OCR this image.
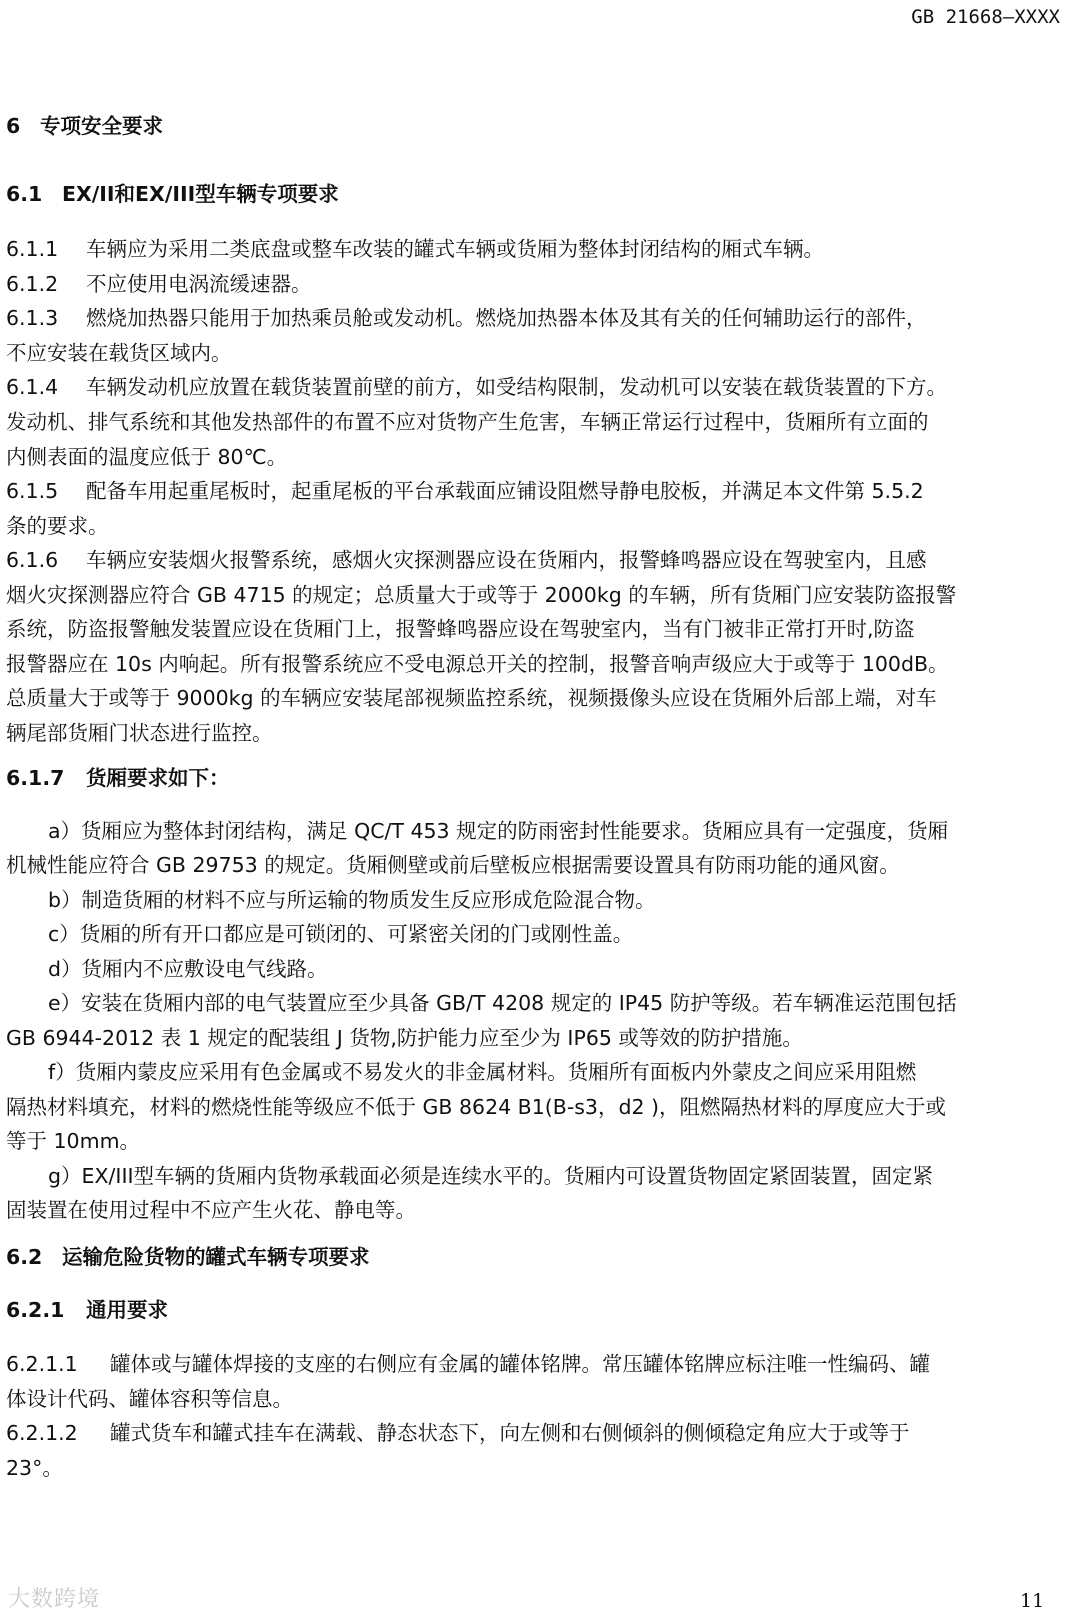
GB 21668—XXXX
6 专项安全要求
6.1 EX/II和EX/III型车辆专项要求
6.1.1 车辆应为采用二类底盘或整车改装的罐式车辆或货厢为整体封闭结构的厢式车辆。
6.1.2 不应使用电涡流缓速器。
6.1.3 燃烧加热器只能用于加热乘员舱或发动机。燃烧加热器本体及其有关的任何辅助运行的部件，
不应安装在载货区域内。
6.1.4 车辆发动机应放置在载货装置前壁的前方，如受结构限制，发动机可以安装在载货装置的下方。
发动机、排气系统和其他发热部件的布置不应对货物产生危害，车辆正常运行过程中，货厢所有立面的
内侧表面的温度应低于 80℃。
6.1.5 配备车用起重尾板时，起重尾板的平台承载面应铺设阻燃导静电胶板，并满足本文件第 5.5.2
条的要求。
6.1.6 车辆应安装烟火报警系统，感烟火灾探测器应设在货厢内，报警蜂鸣器应设在驾驶室内，且感
烟火灾探测器应符合 GB 4715 的规定；总质量大于或等于 2000kg 的车辆，所有货厢门应安装防盗报警
系统，防盗报警触发装置应设在货厢门上，报警蜂鸣器应设在驾驶室内，当有门被非正常打开时,防盗
报警器应在 10s 内响起。所有报警系统应不受电源总开关的控制，报警音响声级应大于或等于 100dB。
总质量大于或等于 9000kg 的车辆应安装尾部视频监控系统，视频摄像头应设在货厢外后部上端，对车
辆尾部货厢门状态进行监控。
6.1.7 货厢要求如下：
a）货厢应为整体封闭结构，满足 QC/T 453 规定的防雨密封性能要求。货厢应具有一定强度，货厢
机械性能应符合 GB 29753 的规定。货厢侧壁或前后壁板应根据需要设置具有防雨功能的通风窗。
b）制造货厢的材料不应与所运输的物质发生反应形成危险混合物。
c）货厢的所有开口都应是可锁闭的、可紧密关闭的门或刚性盖。
d）货厢内不应敷设电气线路。
e）安装在货厢内部的电气装置应至少具备 GB/T 4208 规定的 IP45 防护等级。若车辆准运范围包括
GB 6944-2012 表 1 规定的配装组 J 货物,防护能力应至少为 IP65 或等效的防护措施。
f）货厢内蒙皮应采用有色金属或不易发火的非金属材料。货厢所有面板内外蒙皮之间应采用阻燃
隔热材料填充，材料的燃烧性能等级应不低于 GB 8624 B1(B-s3，d2 )，阻燃隔热材料的厚度应大于或
等于 10mm。
g）EX/III型车辆的货厢内货物承载面必须是连续水平的。货厢内可设置货物固定紧固装置，固定紧
固装置在使用过程中不应产生火花、静电等。
6.2 运输危险货物的罐式车辆专项要求
6.2.1 通用要求
6.2.1.1 罐体或与罐体焊接的支座的右侧应有金属的罐体铭牌。常压罐体铭牌应标注唯一性编码、罐
体设计代码、罐体容积等信息。
6.2.1.2 罐式货车和罐式挂车在满载、静态状态下，向左侧和右侧倾斜的侧倾稳定角应大于或等于
23°。
大数跨境	11
